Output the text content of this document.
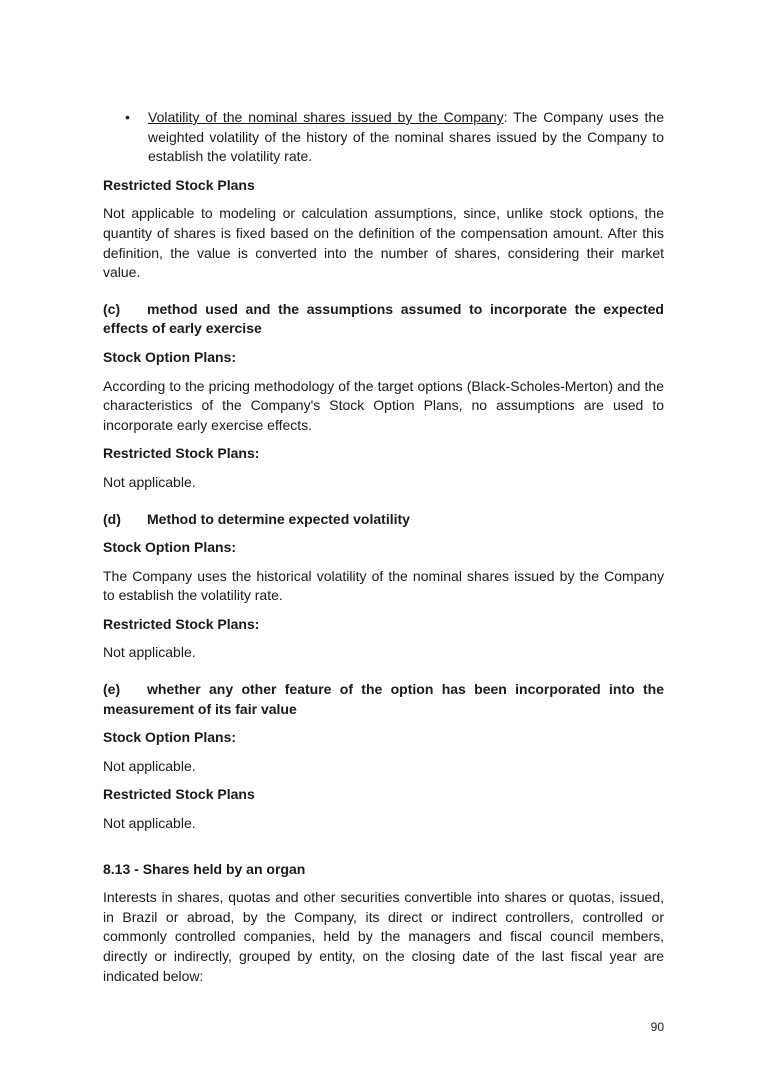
• Volatility of the nominal shares issued by the Company: The Company uses the weighted volatility of the history of the nominal shares issued by the Company to establish the volatility rate.
Restricted Stock Plans
Not applicable to modeling or calculation assumptions, since, unlike stock options, the quantity of shares is fixed based on the definition of the compensation amount. After this definition, the value is converted into the number of shares, considering their market value.
(c) method used and the assumptions assumed to incorporate the expected effects of early exercise
Stock Option Plans:
According to the pricing methodology of the target options (Black-Scholes-Merton) and the characteristics of the Company's Stock Option Plans, no assumptions are used to incorporate early exercise effects.
Restricted Stock Plans:
Not applicable.
(d) Method to determine expected volatility
Stock Option Plans:
The Company uses the historical volatility of the nominal shares issued by the Company to establish the volatility rate.
Restricted Stock Plans:
Not applicable.
(e) whether any other feature of the option has been incorporated into the measurement of its fair value
Stock Option Plans:
Not applicable.
Restricted Stock Plans
Not applicable.
8.13 - Shares held by an organ
Interests in shares, quotas and other securities convertible into shares or quotas, issued, in Brazil or abroad, by the Company, its direct or indirect controllers, controlled or commonly controlled companies, held by the managers and fiscal council members, directly or indirectly, grouped by entity, on the closing date of the last fiscal year are indicated below:
90
